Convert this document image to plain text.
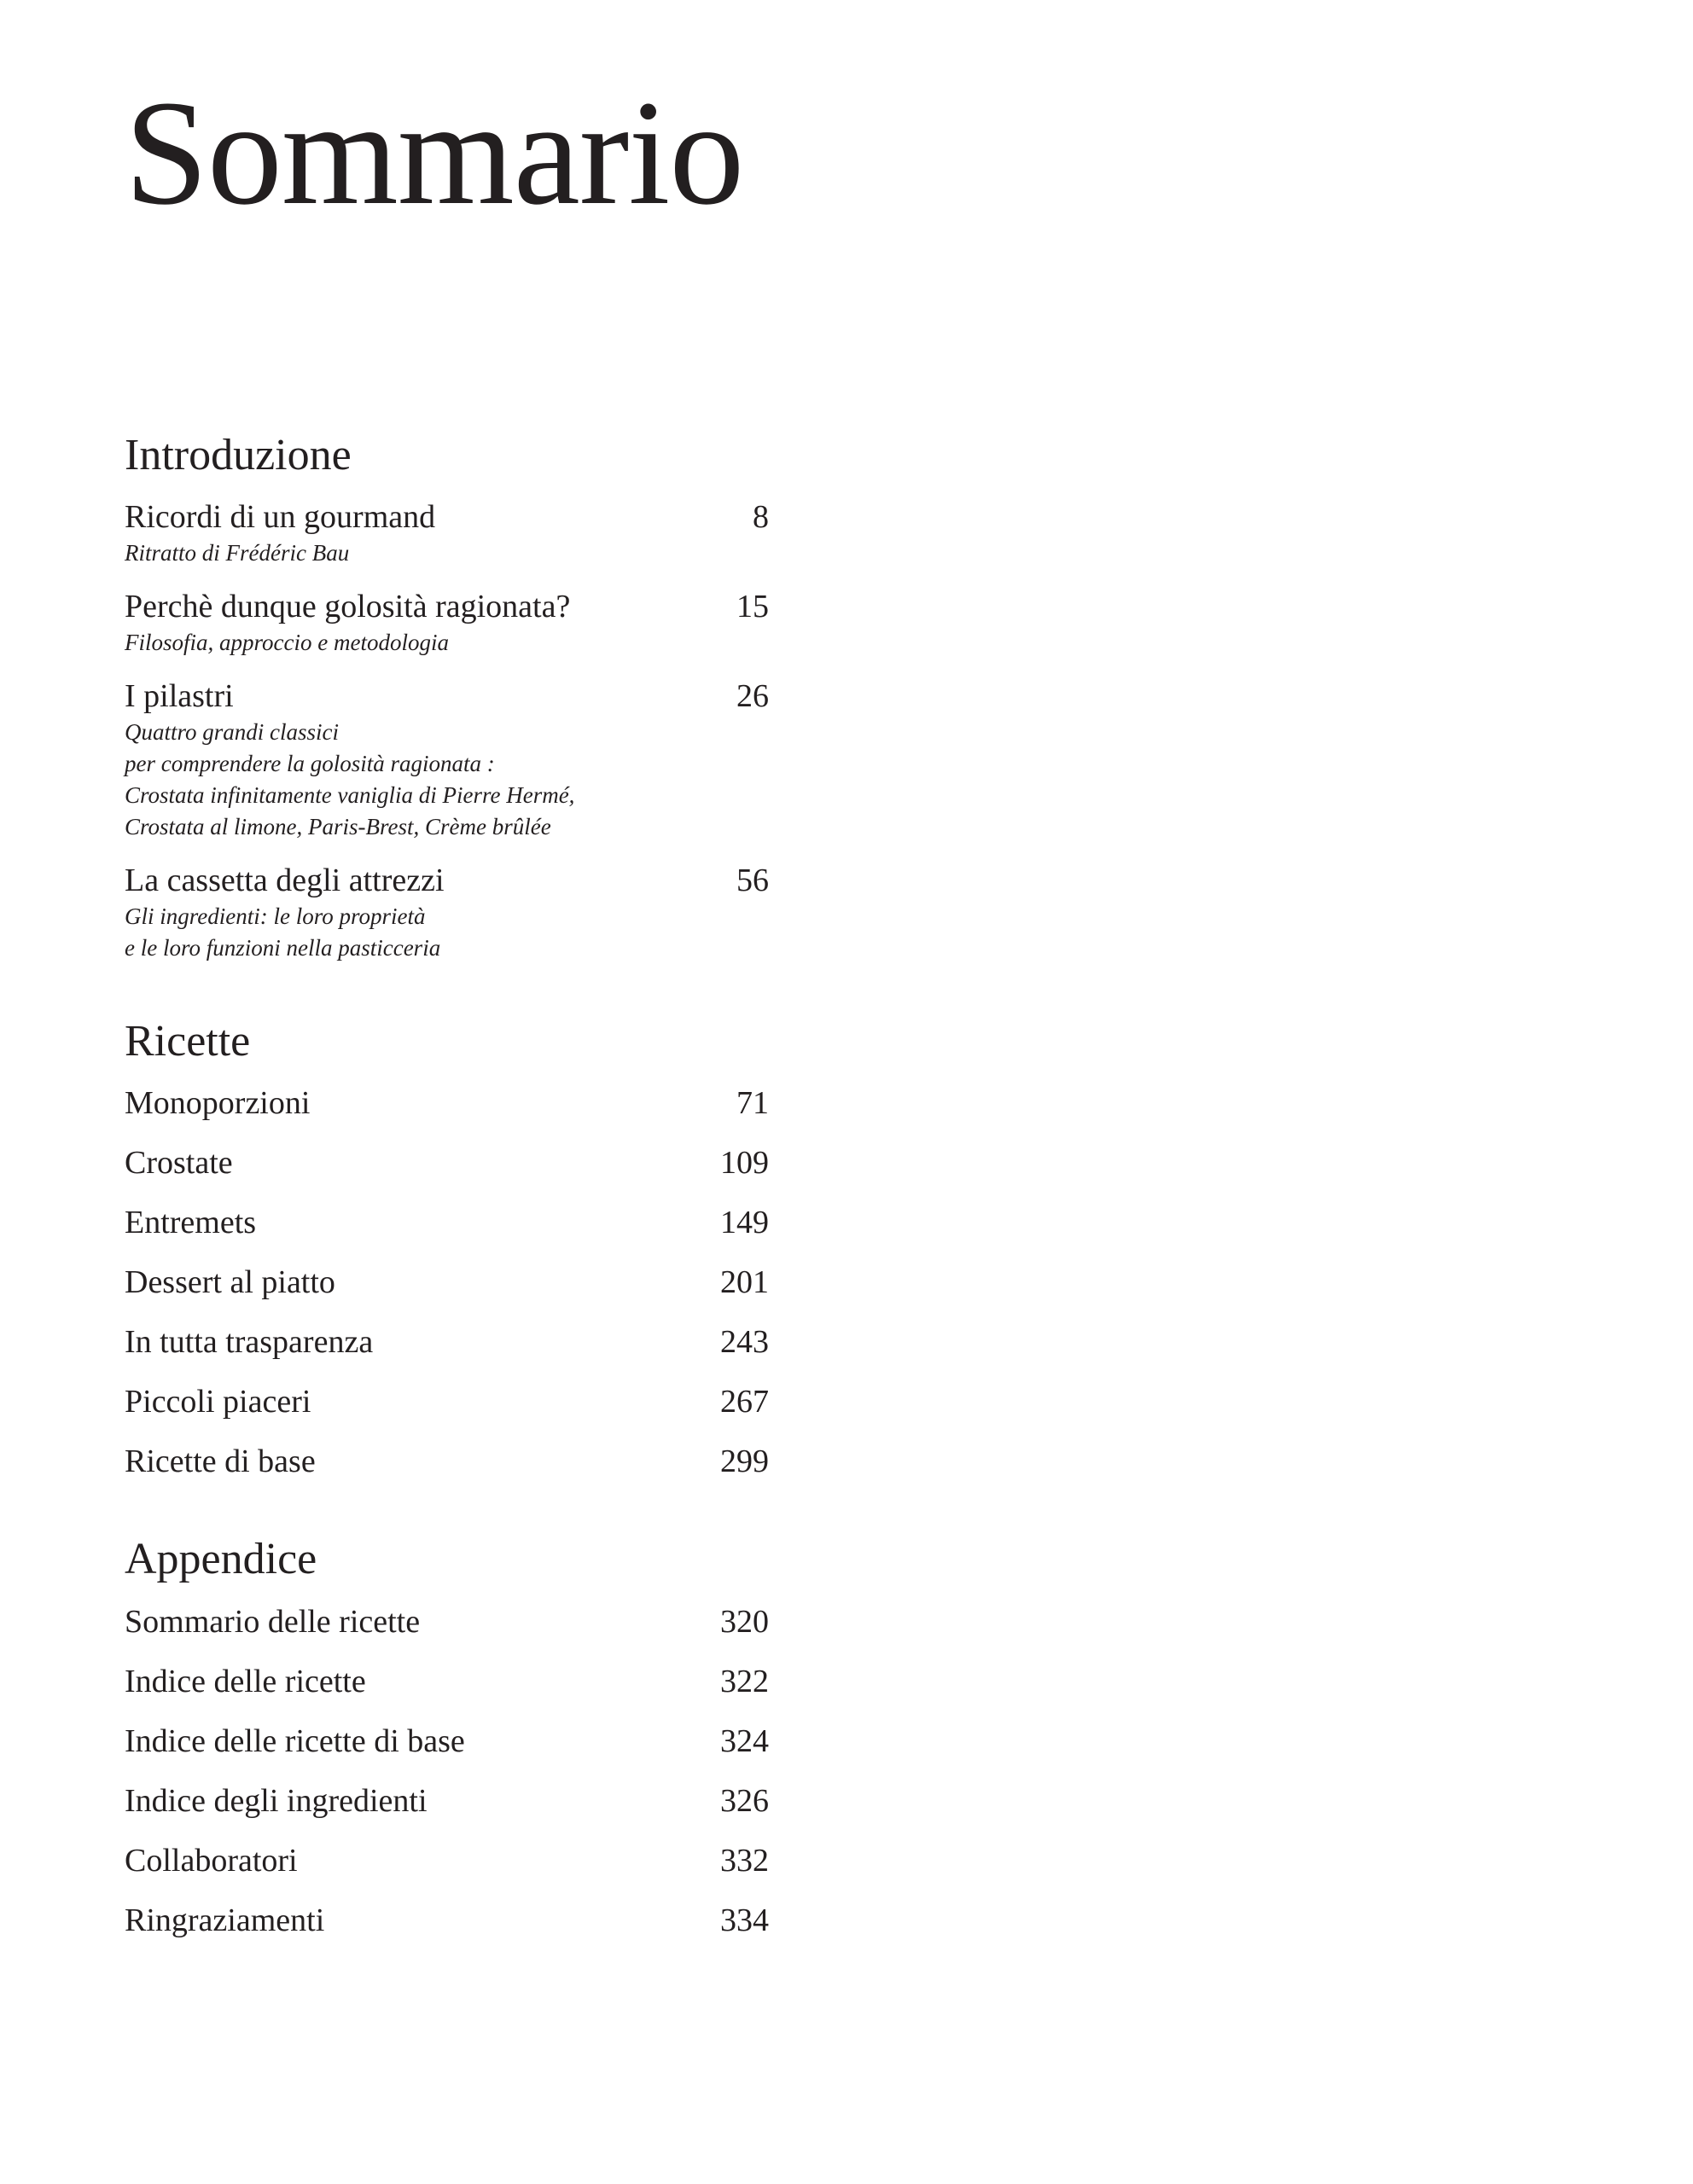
Sommario
Introduzione
Ricordi di un gourmand	8
Ritratto di Frédéric Bau
Perchè dunque golosità ragionata?	15
Filosofia, approccio e metodologia
I pilastri	26
Quattro grandi classici
per comprendere la golosità ragionata :
Crostata infinitamente vaniglia di Pierre Hermé,
Crostata al limone, Paris-Brest, Crème brûlée
La cassetta degli attrezzi	56
Gli ingredienti: le loro proprietà
e le loro funzioni nella pasticceria
Ricette
Monoporzioni	71
Crostate	109
Entremets	149
Dessert al piatto	201
In tutta trasparenza	243
Piccoli piaceri	267
Ricette di base	299
Appendice
Sommario delle ricette	320
Indice delle ricette	322
Indice delle ricette di base	324
Indice degli ingredienti	326
Collaboratori	332
Ringraziamenti	334
